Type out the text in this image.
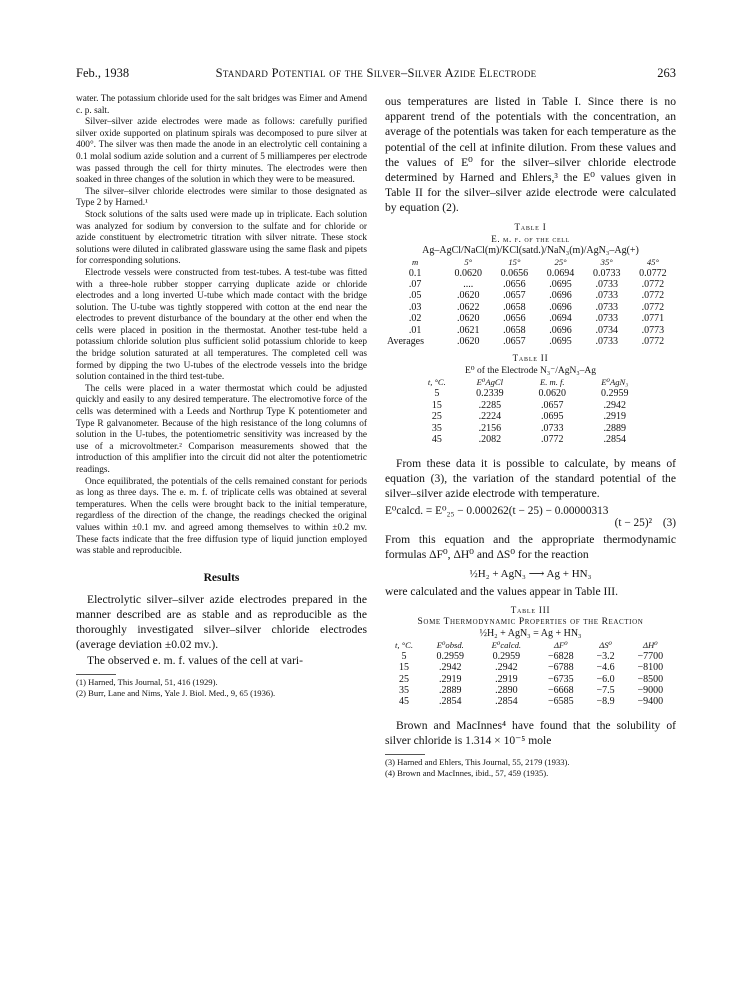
Feb., 1938	Standard Potential of the Silver–Silver Azide Electrode	263

water. The potassium chloride used for the salt bridges was Eimer and Amend c. p. salt.

Silver–silver azide electrodes were made as follows: carefully purified silver oxide supported on platinum spirals was decomposed to pure silver at 400°. The silver was then made the anode in an electrolytic cell containing a 0.1 molal sodium azide solution and a current of 5 milliamperes per electrode was passed through the cell for thirty minutes. The electrodes were then soaked in three changes of the solution in which they were to be measured.

The silver–silver chloride electrodes were similar to those designated as Type 2 by Harned.¹

Stock solutions of the salts used were made up in triplicate. Each solution was analyzed for sodium by conversion to the sulfate and for chloride or azide constituent by electrometric titration with silver nitrate. These stock solutions were diluted in calibrated glassware using the same flask and pipets for corresponding solutions.

Electrode vessels were constructed from test-tubes. A test-tube was fitted with a three-hole rubber stopper carrying duplicate azide or chloride electrodes and a long inverted U-tube which made contact with the bridge solution. The U-tube was tightly stoppered with cotton at the end near the electrodes to prevent disturbance of the boundary at the other end when the cells were placed in position in the thermostat. Another test-tube held a potassium chloride solution plus sufficient solid potassium chloride to keep the bridge solution saturated at all temperatures. The completed cell was formed by dipping the two U-tubes of the electrode vessels into the bridge solution contained in the third test-tube.

The cells were placed in a water thermostat which could be adjusted quickly and easily to any desired temperature. The electromotive force of the cells was determined with a Leeds and Northrup Type K potentiometer and Type R galvanometer. Because of the high resistance of the long columns of solution in the U-tubes, the potentiometric sensitivity was increased by the use of a microvoltmeter.² Comparison measurements showed that the introduction of this amplifier into the circuit did not alter the potentiometric readings.

Once equilibrated, the potentials of the cells remained constant for periods as long as three days. The e. m. f. of triplicate cells was obtained at several temperatures. When the cells were brought back to the initial temperature, regardless of the direction of the change, the readings checked the original values within ±0.1 mv. and agreed among themselves to within ±0.2 mv. These facts indicate that the free diffusion type of liquid junction employed was stable and reproducible.

Results

Electrolytic silver–silver azide electrodes prepared in the manner described are as stable and as reproducible as the thoroughly investigated silver–silver chloride electrodes (average deviation ±0.02 mv.).

The observed e. m. f. values of the cell at vari-

(1) Harned, This Journal, 51, 416 (1929).

(2) Burr, Lane and Nims, Yale J. Biol. Med., 9, 65 (1936).

ous temperatures are listed in Table I. Since there is no apparent trend of the potentials with the concentration, an average of the potentials was taken for each temperature as the potential of the cell at infinite dilution. From these values and the values of E⁰ for the silver–silver chloride electrode determined by Harned and Ehlers,³ the E⁰ values given in Table II for the silver–silver azide electrode were calculated by equation (2).

Table I
E. m. f. of the cell
Ag–AgCl/NaCl(m)/KCl(satd.)/NaN₃(m)/AgN₃–Ag(+)
m	5°	15°	25°	35°	45°
0.1	0.0620	0.0656	0.0694	0.0733	0.0772
.07	....	.0656	.0695	.0733	.0772
.05	.0620	.0657	.0696	.0733	.0772
.03	.0622	.0658	.0696	.0733	.0772
.02	.0620	.0656	.0694	.0733	.0771
.01	.0621	.0658	.0696	.0734	.0773
Averages	.0620	.0657	.0695	.0733	.0772
Table II
E⁰ of the Electrode N₃⁻/AgN₃–Ag
t, °C.	E⁰AgCl	E. m. f.	E⁰AgN₃
5	0.2339	0.0620	0.2959
15	.2285	.0657	.2942
25	.2224	.0695	.2919
35	.2156	.0733	.2889
45	.2082	.0772	.2854

From these data it is possible to calculate, by means of equation (3), the variation of the standard potential of the silver–silver azide electrode with temperature.

E⁰calcd. = E⁰₂₅ − 0.000262(t − 25) − 0.00000313
(t − 25)² (3)

From this equation and the appropriate thermodynamic formulas ΔF⁰, ΔH⁰ and ΔS⁰ for the reaction

½H₂ + AgN₃ ⟶ Ag + HN₃

were calculated and the values appear in Table III.

Table III
Some Thermodynamic Properties of the Reaction
½H₂ + AgN₃ = Ag + HN₃
t, °C.	E⁰obsd.	E⁰calcd.	ΔF⁰	ΔS⁰	ΔH⁰
5	0.2959	0.2959	−6828	−3.2	−7700
15	.2942	.2942	−6788	−4.6	−8100
25	.2919	.2919	−6735	−6.0	−8500
35	.2889	.2890	−6668	−7.5	−9000
45	.2854	.2854	−6585	−8.9	−9400

Brown and MacInnes⁴ have found that the solubility of silver chloride is 1.314 × 10⁻⁵ mole

(3) Harned and Ehlers, This Journal, 55, 2179 (1933).

(4) Brown and MacInnes, ibid., 57, 459 (1935).
